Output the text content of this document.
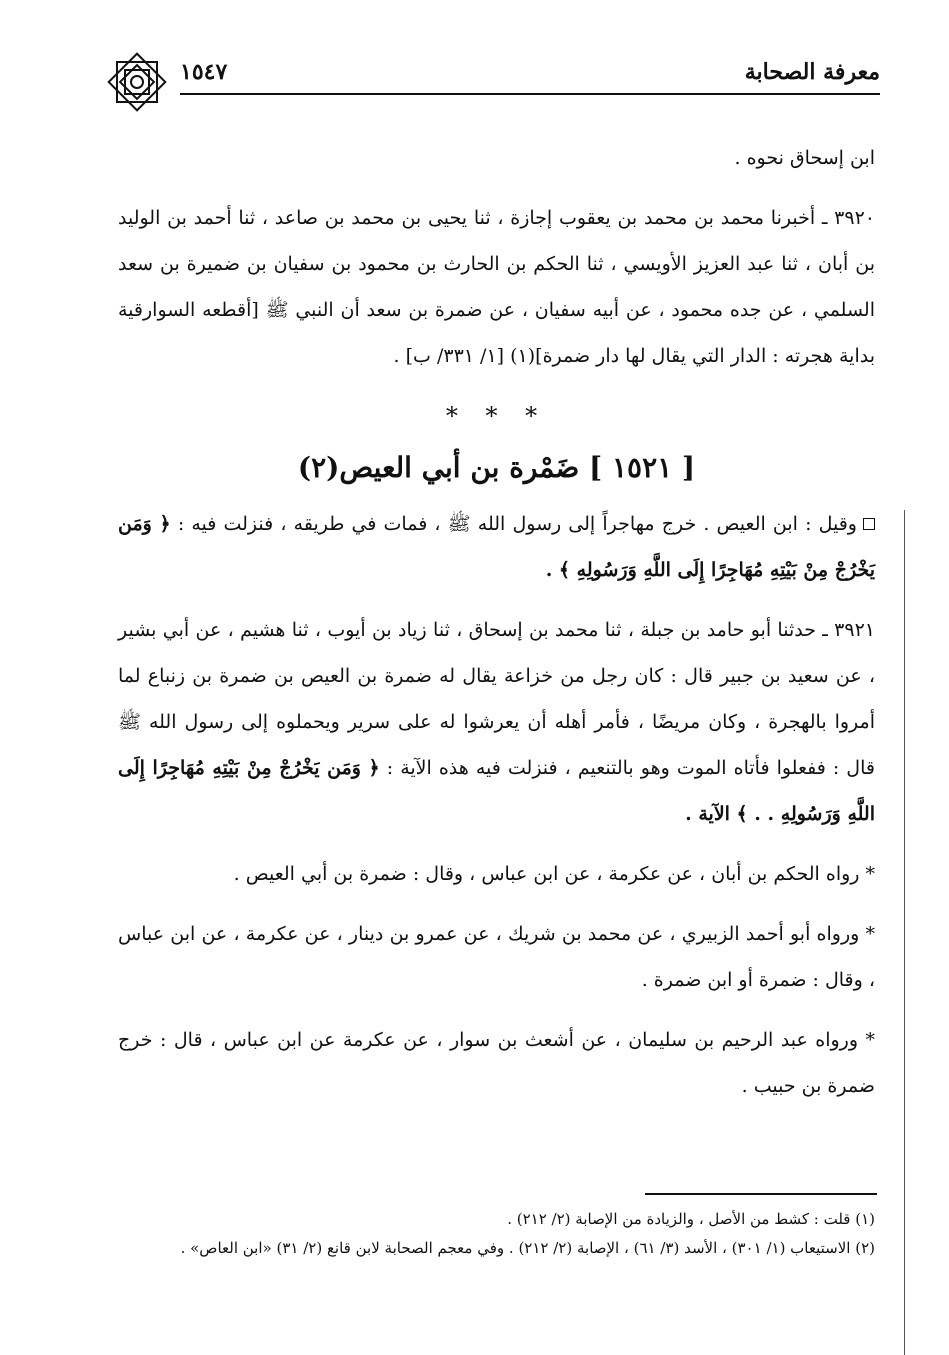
١٥٤٧	معرفة الصحابة

ابن إسحاق نحوه .

٣٩٢٠ ـ أخبرنا محمد بن محمد بن يعقوب إجازة ، ثنا يحيى بن محمد بن صاعد ، ثنا أحمد بن الوليد بن أبان ، ثنا عبد العزيز الأويسي ، ثنا الحكم بن الحارث بن محمود بن سفيان بن ضميرة بن سعد السلمي ، عن جده محمود ، عن أبيه سفيان ، عن ضمرة بن سعد أن النبي ﷺ [أقطعه السوارقية بداية هجرته : الدار التي يقال لها دار ضمرة](١) [١/ ٣٣١/ ب] .

* * *
[ ١٥٢١ ] ضَمْرة بن أبي العيص(٢)

وقيل : ابن العيص . خرج مهاجراً إلى رسول الله ﷺ ، فمات في طريقه ، فنزلت فيه : ﴿ وَمَن يَخْرُجْ مِنْ بَيْتِهِ مُهَاجِرًا إِلَى اللَّهِ وَرَسُولِهِ ﴾ .

٣٩٢١ ـ حدثنا أبو حامد بن جبلة ، ثنا محمد بن إسحاق ، ثنا زياد بن أيوب ، ثنا هشيم ، عن أبي بشير ، عن سعيد بن جبير قال : كان رجل من خزاعة يقال له ضمرة بن العيص بن ضمرة بن زنباع لما أمروا بالهجرة ، وكان مريضًا ، فأمر أهله أن يعرشوا له على سرير ويحملوه إلى رسول الله ﷺ قال : ففعلوا فأتاه الموت وهو بالتنعيم ، فنزلت فيه هذه الآية : ﴿ وَمَن يَخْرُجْ مِنْ بَيْتِهِ مُهَاجِرًا إِلَى اللَّهِ وَرَسُولِهِ . . ﴾ الآية .

* رواه الحكم بن أبان ، عن عكرمة ، عن ابن عباس ، وقال : ضمرة بن أبي العيص .

* ورواه أبو أحمد الزبيري ، عن محمد بن شريك ، عن عمرو بن دينار ، عن عكرمة ، عن ابن عباس ، وقال : ضمرة أو ابن ضمرة .

* ورواه عبد الرحيم بن سليمان ، عن أشعث بن سوار ، عن عكرمة عن ابن عباس ، قال : خرج ضمرة بن حبيب .

(١) قلت : كشط من الأصل ، والزيادة من الإصابة (٢/ ٢١٢) .

(٢) الاستيعاب (١/ ٣٠١) ، الأسد (٣/ ٦١) ، الإصابة (٢/ ٢١٢) . وفي معجم الصحابة لابن قانع (٢/ ٣١) «ابن العاص» .
